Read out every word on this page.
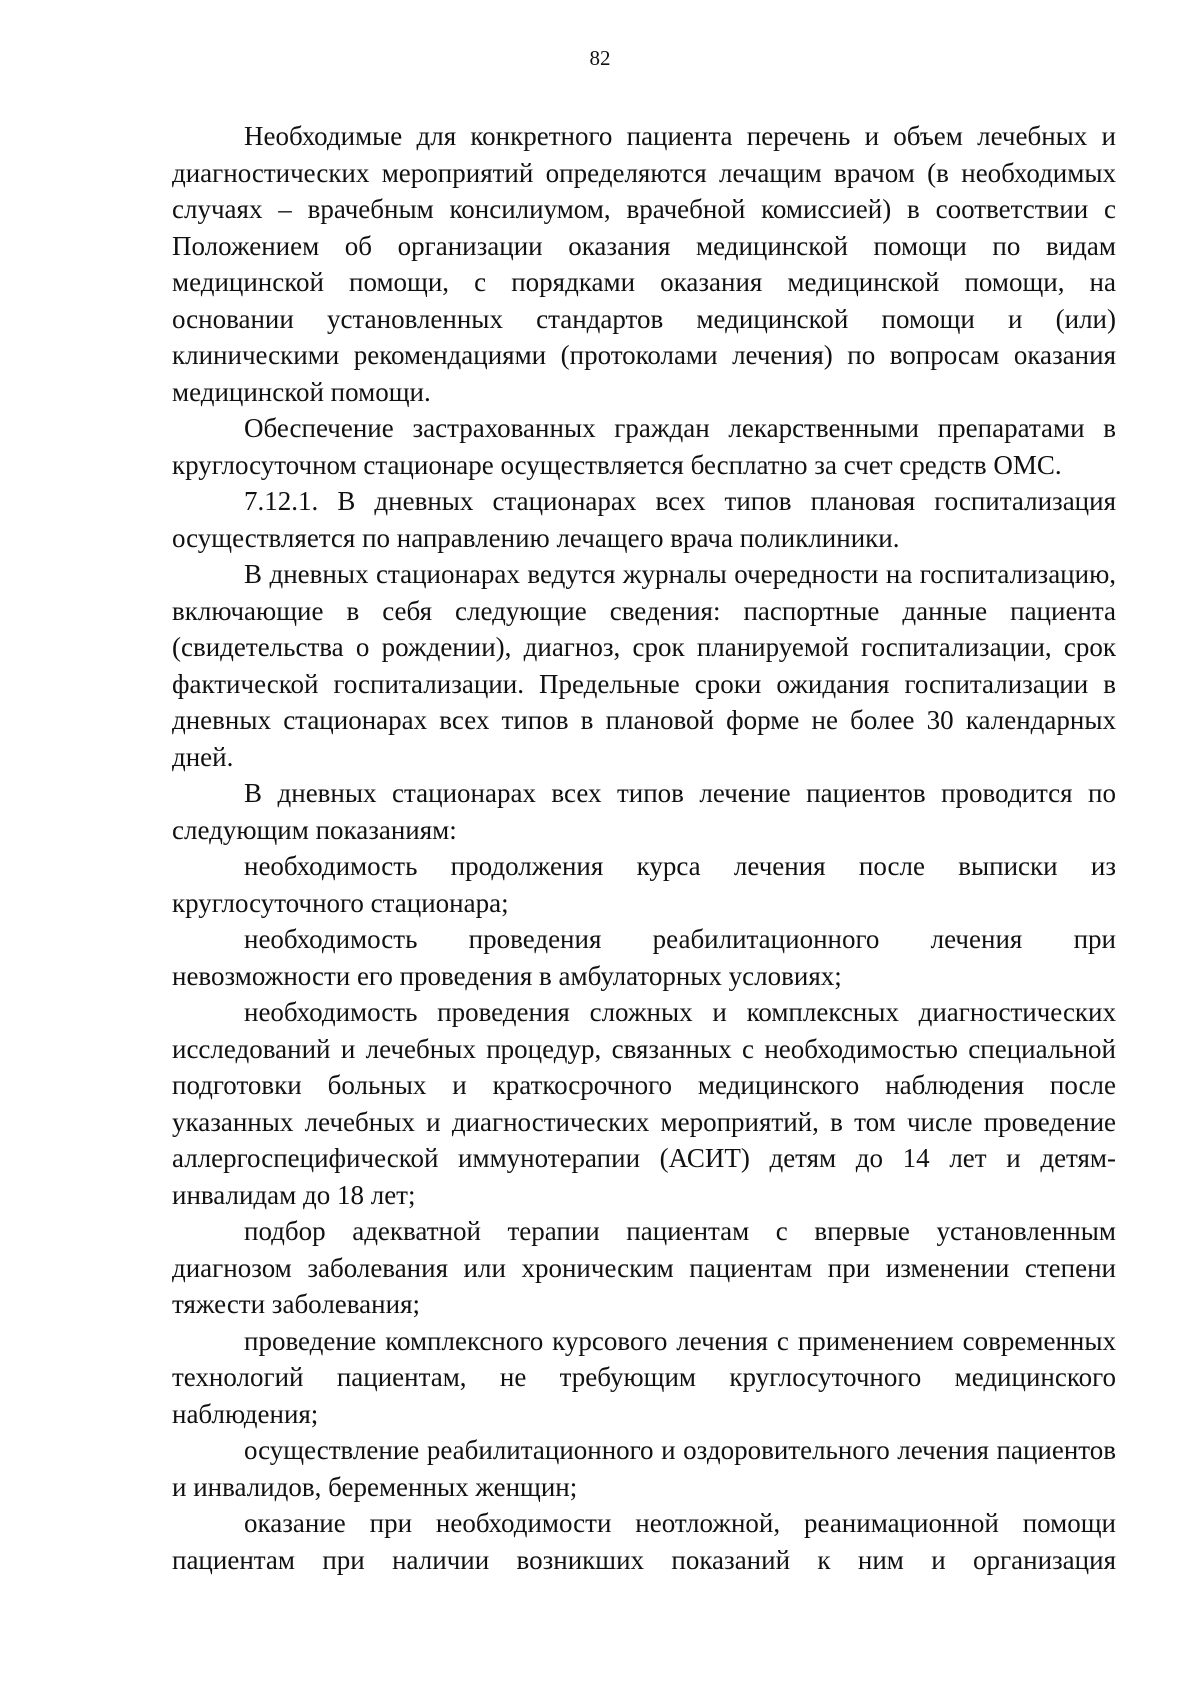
82

Необходимые для конкретного пациента перечень и объем лечебных и диагностических мероприятий определяются лечащим врачом (в необходимых случаях – врачебным консилиумом, врачебной комиссией) в соответствии с Положением об организации оказания медицинской помощи по видам медицинской помощи, с порядками оказания медицинской помощи, на основании установленных стандартов медицинской помощи и (или) клиническими рекомендациями (протоколами лечения) по вопросам оказания медицинской помощи.

Обеспечение застрахованных граждан лекарственными препаратами в круглосуточном стационаре осуществляется бесплатно за счет средств ОМС.

7.12.1. В дневных стационарах всех типов плановая госпитализация осуществляется по направлению лечащего врача поликлиники.

В дневных стационарах ведутся журналы очередности на госпитализацию, включающие в себя следующие сведения: паспортные данные пациента (свидетельства о рождении), диагноз, срок планируемой госпитализации, срок фактической госпитализации. Предельные сроки ожидания госпитализации в дневных стационарах всех типов в плановой форме не более 30 календарных дней.

В дневных стационарах всех типов лечение пациентов проводится по следующим показаниям:

необходимость продолжения курса лечения после выписки из круглосуточного стационара;

необходимость проведения реабилитационного лечения при невозможности его проведения в амбулаторных условиях;

необходимость проведения сложных и комплексных диагностических исследований и лечебных процедур, связанных с необходимостью специальной подготовки больных и краткосрочного медицинского наблюдения после указанных лечебных и диагностических мероприятий, в том числе проведение аллергоспецифической иммунотерапии (АСИТ) детям до 14 лет и детям-инвалидам до 18 лет;

подбор адекватной терапии пациентам с впервые установленным диагнозом заболевания или хроническим пациентам при изменении степени тяжести заболевания;

проведение комплексного курсового лечения с применением современных технологий пациентам, не требующим круглосуточного медицинского наблюдения;

осуществление реабилитационного и оздоровительного лечения пациентов и инвалидов, беременных женщин;

оказание при необходимости неотложной, реанимационной помощи пациентам при наличии возникших показаний к ним и организация
